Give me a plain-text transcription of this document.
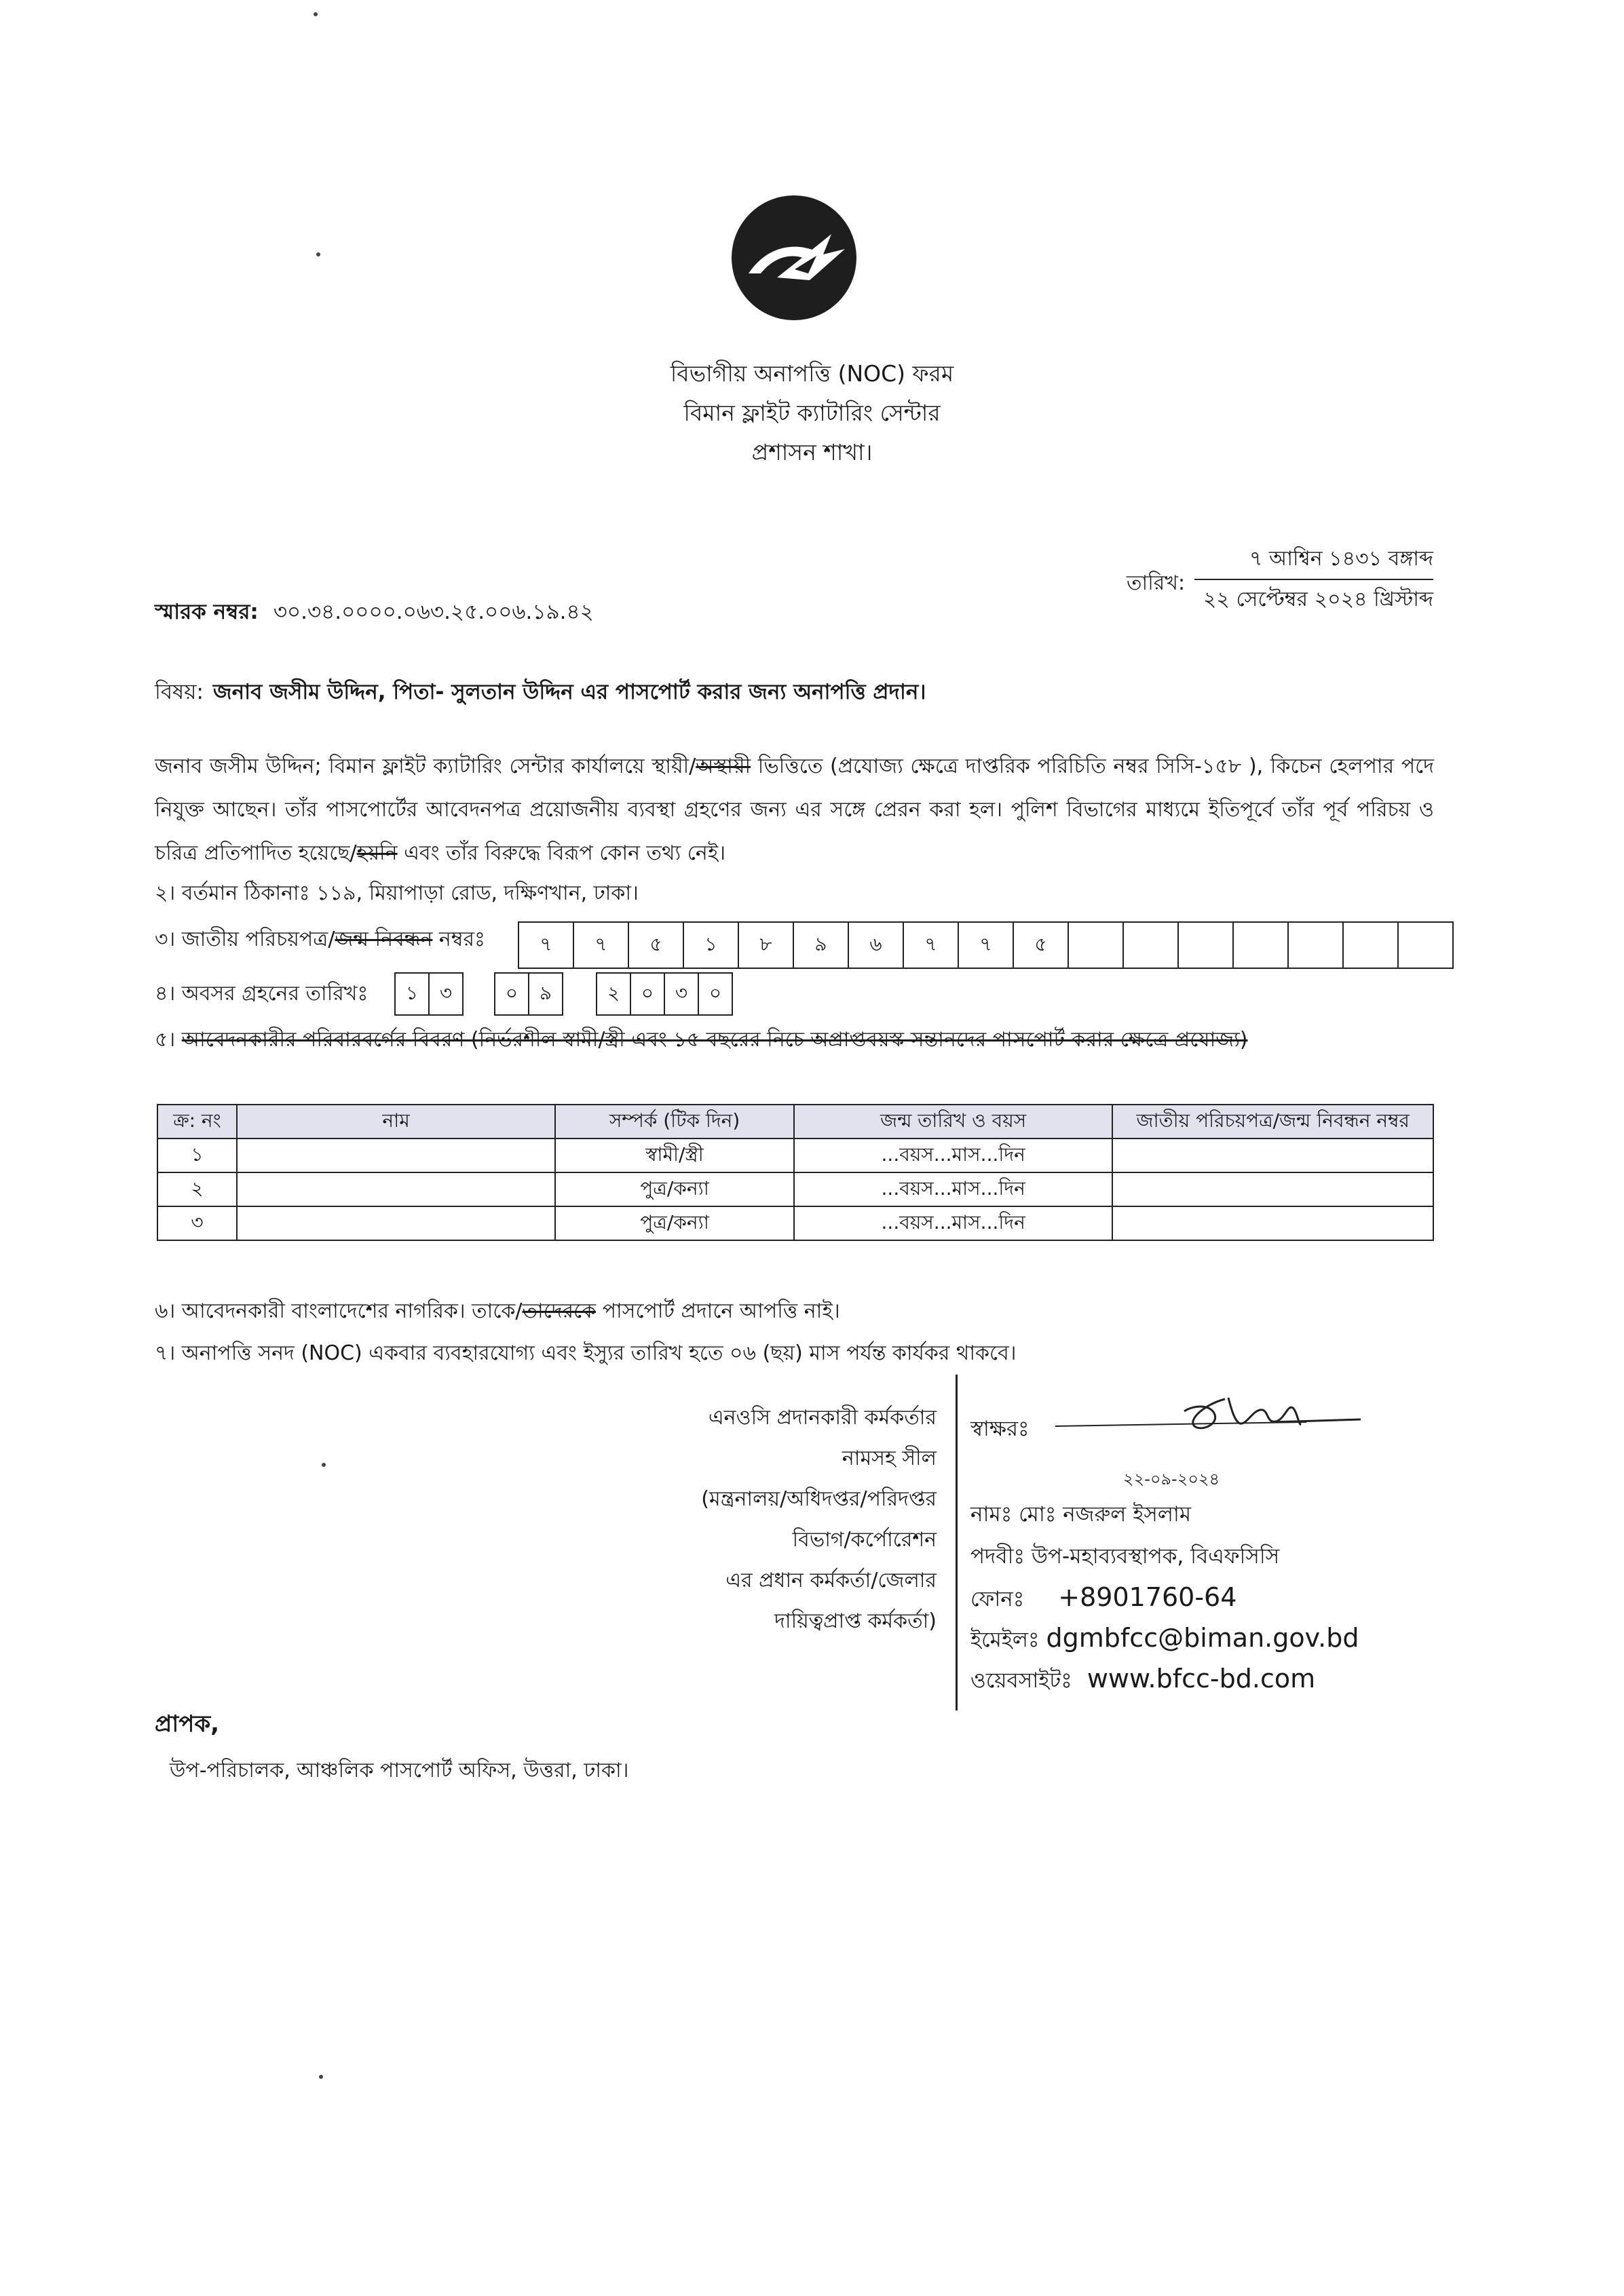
বিভাগীয় অনাপত্তি (NOC) ফরম
বিমান ফ্লাইট ক্যাটারিং সেন্টার
প্রশাসন শাখা।
তারিখ:
৭ আশ্বিন ১৪৩১ বঙ্গাব্দ
২২ সেপ্টেম্বর ২০২৪ খ্রিস্টাব্দ
স্মারক নম্বর: ৩০.৩৪.০০০০.০৬৩.২৫.০০৬.১৯.৪২
বিষয়: জনাব জসীম উদ্দিন, পিতা- সুলতান উদ্দিন এর পাসপোর্ট করার জন্য অনাপত্তি প্রদান।
জনাব জসীম উদ্দিন; বিমান ফ্লাইট ক্যাটারিং সেন্টার কার্যালয়ে স্থায়ী/অস্থায়ী ভিত্তিতে (প্রযোজ্য ক্ষেত্রে দাপ্তরিক পরিচিতি নম্বর সিসি-১৫৮ ), কিচেন হেলপার পদে নিযুক্ত আছেন। তাঁর পাসপোর্টের আবেদনপত্র প্রয়োজনীয় ব্যবস্থা গ্রহণের জন্য এর সঙ্গে প্রেরন করা হল। পুলিশ বিভাগের মাধ্যমে ইতিপূর্বে তাঁর পূর্ব পরিচয় ও চরিত্র প্রতিপাদিত হয়েছে/হয়নি এবং তাঁর বিরুদ্ধে বিরূপ কোন তথ্য নেই।
২। বর্তমান ঠিকানাঃ ১১৯, মিয়াপাড়া রোড, দক্ষিণখান, ঢাকা।
৩। জাতীয় পরিচয়পত্র/জন্ম নিবন্ধন নম্বরঃ	৭	৭	৫	১	৮	৯	৬	৭	৭	৫
৪। অবসর গ্রহনের তারিখঃ	১	৩	০	৯	২	০	৩	০
৫। আবেদনকারীর পরিবারবর্গের বিবরণ (নির্ভরশীল স্বামী/স্ত্রী এবং ১৫ বছরের নিচে অপ্রাপ্তবয়স্ক সন্তানদের পাসপোর্ট করার ক্ষেত্রে প্রযোজ্য)
ক্র: নং	নাম	সম্পর্ক (টিক দিন)	জন্ম তারিখ ও বয়স	জাতীয় পরিচয়পত্র/জন্ম নিবন্ধন নম্বর
১		স্বামী/স্ত্রী	...বয়স...মাস...দিন	
২		পুত্র/কন্যা	...বয়স...মাস...দিন	
৩		পুত্র/কন্যা	...বয়স...মাস...দিন	
৬। আবেদনকারী বাংলাদেশের নাগরিক। তাকে/তাদেরকে পাসপোর্ট প্রদানে আপত্তি নাই।
৭। অনাপত্তি সনদ (NOC) একবার ব্যবহারযোগ্য এবং ইস্যুর তারিখ হতে ০৬ (ছয়) মাস পর্যন্ত কার্যকর থাকবে।
এনওসি প্রদানকারী কর্মকর্তার
নামসহ সীল
(মন্ত্রনালয়/অধিদপ্তর/পরিদপ্তর
বিভাগ/কর্পোরেশন
এর প্রধান কর্মকর্তা/জেলার
দায়িত্বপ্রাপ্ত কর্মকর্তা)
স্বাক্ষরঃ
২২-০৯-২০২৪
নামঃ মোঃ নজরুল ইসলাম
পদবীঃ উপ-মহাব্যবস্থাপক, বিএফসিসি
ফোনঃ +8901760-64
ইমেইলঃ dgmbfcc@biman.gov.bd
ওয়েবসাইটঃ www.bfcc-bd.com
প্রাপক,
উপ-পরিচালক, আঞ্চলিক পাসপোর্ট অফিস, উত্তরা, ঢাকা।
